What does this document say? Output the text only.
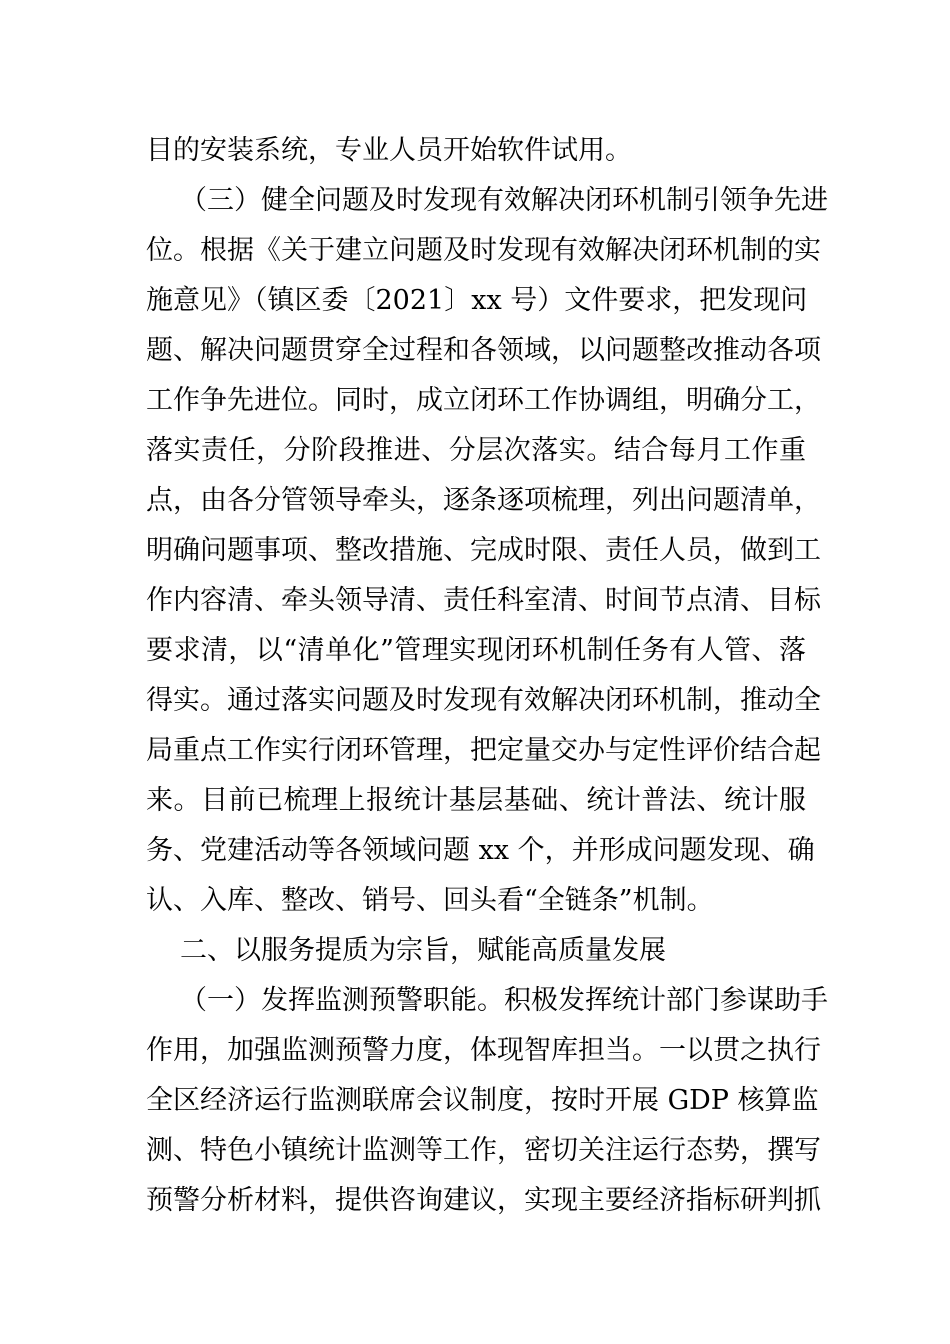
目的安装系统，专业人员开始软件试用。
（三）健全问题及时发现有效解决闭环机制引领争先进
位。根据《关于建立问题及时发现有效解决闭环机制的实
施意见》（镇区委〔2021〕xx 号）文件要求，把发现问
题、解决问题贯穿全过程和各领域，以问题整改推动各项
工作争先进位。同时，成立闭环工作协调组，明确分工，
落实责任，分阶段推进、分层次落实。结合每月工作重
点，由各分管领导牵头，逐条逐项梳理，列出问题清单，
明确问题事项、整改措施、完成时限、责任人员，做到工
作内容清、牵头领导清、责任科室清、时间节点清、目标
要求清，以“清单化”管理实现闭环机制任务有人管、落
得实。通过落实问题及时发现有效解决闭环机制，推动全
局重点工作实行闭环管理，把定量交办与定性评价结合起
来。目前已梳理上报统计基层基础、统计普法、统计服
务、党建活动等各领域问题 xx 个，并形成问题发现、确
认、入库、整改、销号、回头看“全链条”机制。
二、以服务提质为宗旨，赋能高质量发展
（一）发挥监测预警职能。积极发挥统计部门参谋助手
作用，加强监测预警力度，体现智库担当。一以贯之执行
全区经济运行监测联席会议制度，按时开展 GDP 核算监
测、特色小镇统计监测等工作，密切关注运行态势，撰写
预警分析材料，提供咨询建议，实现主要经济指标研判抓
